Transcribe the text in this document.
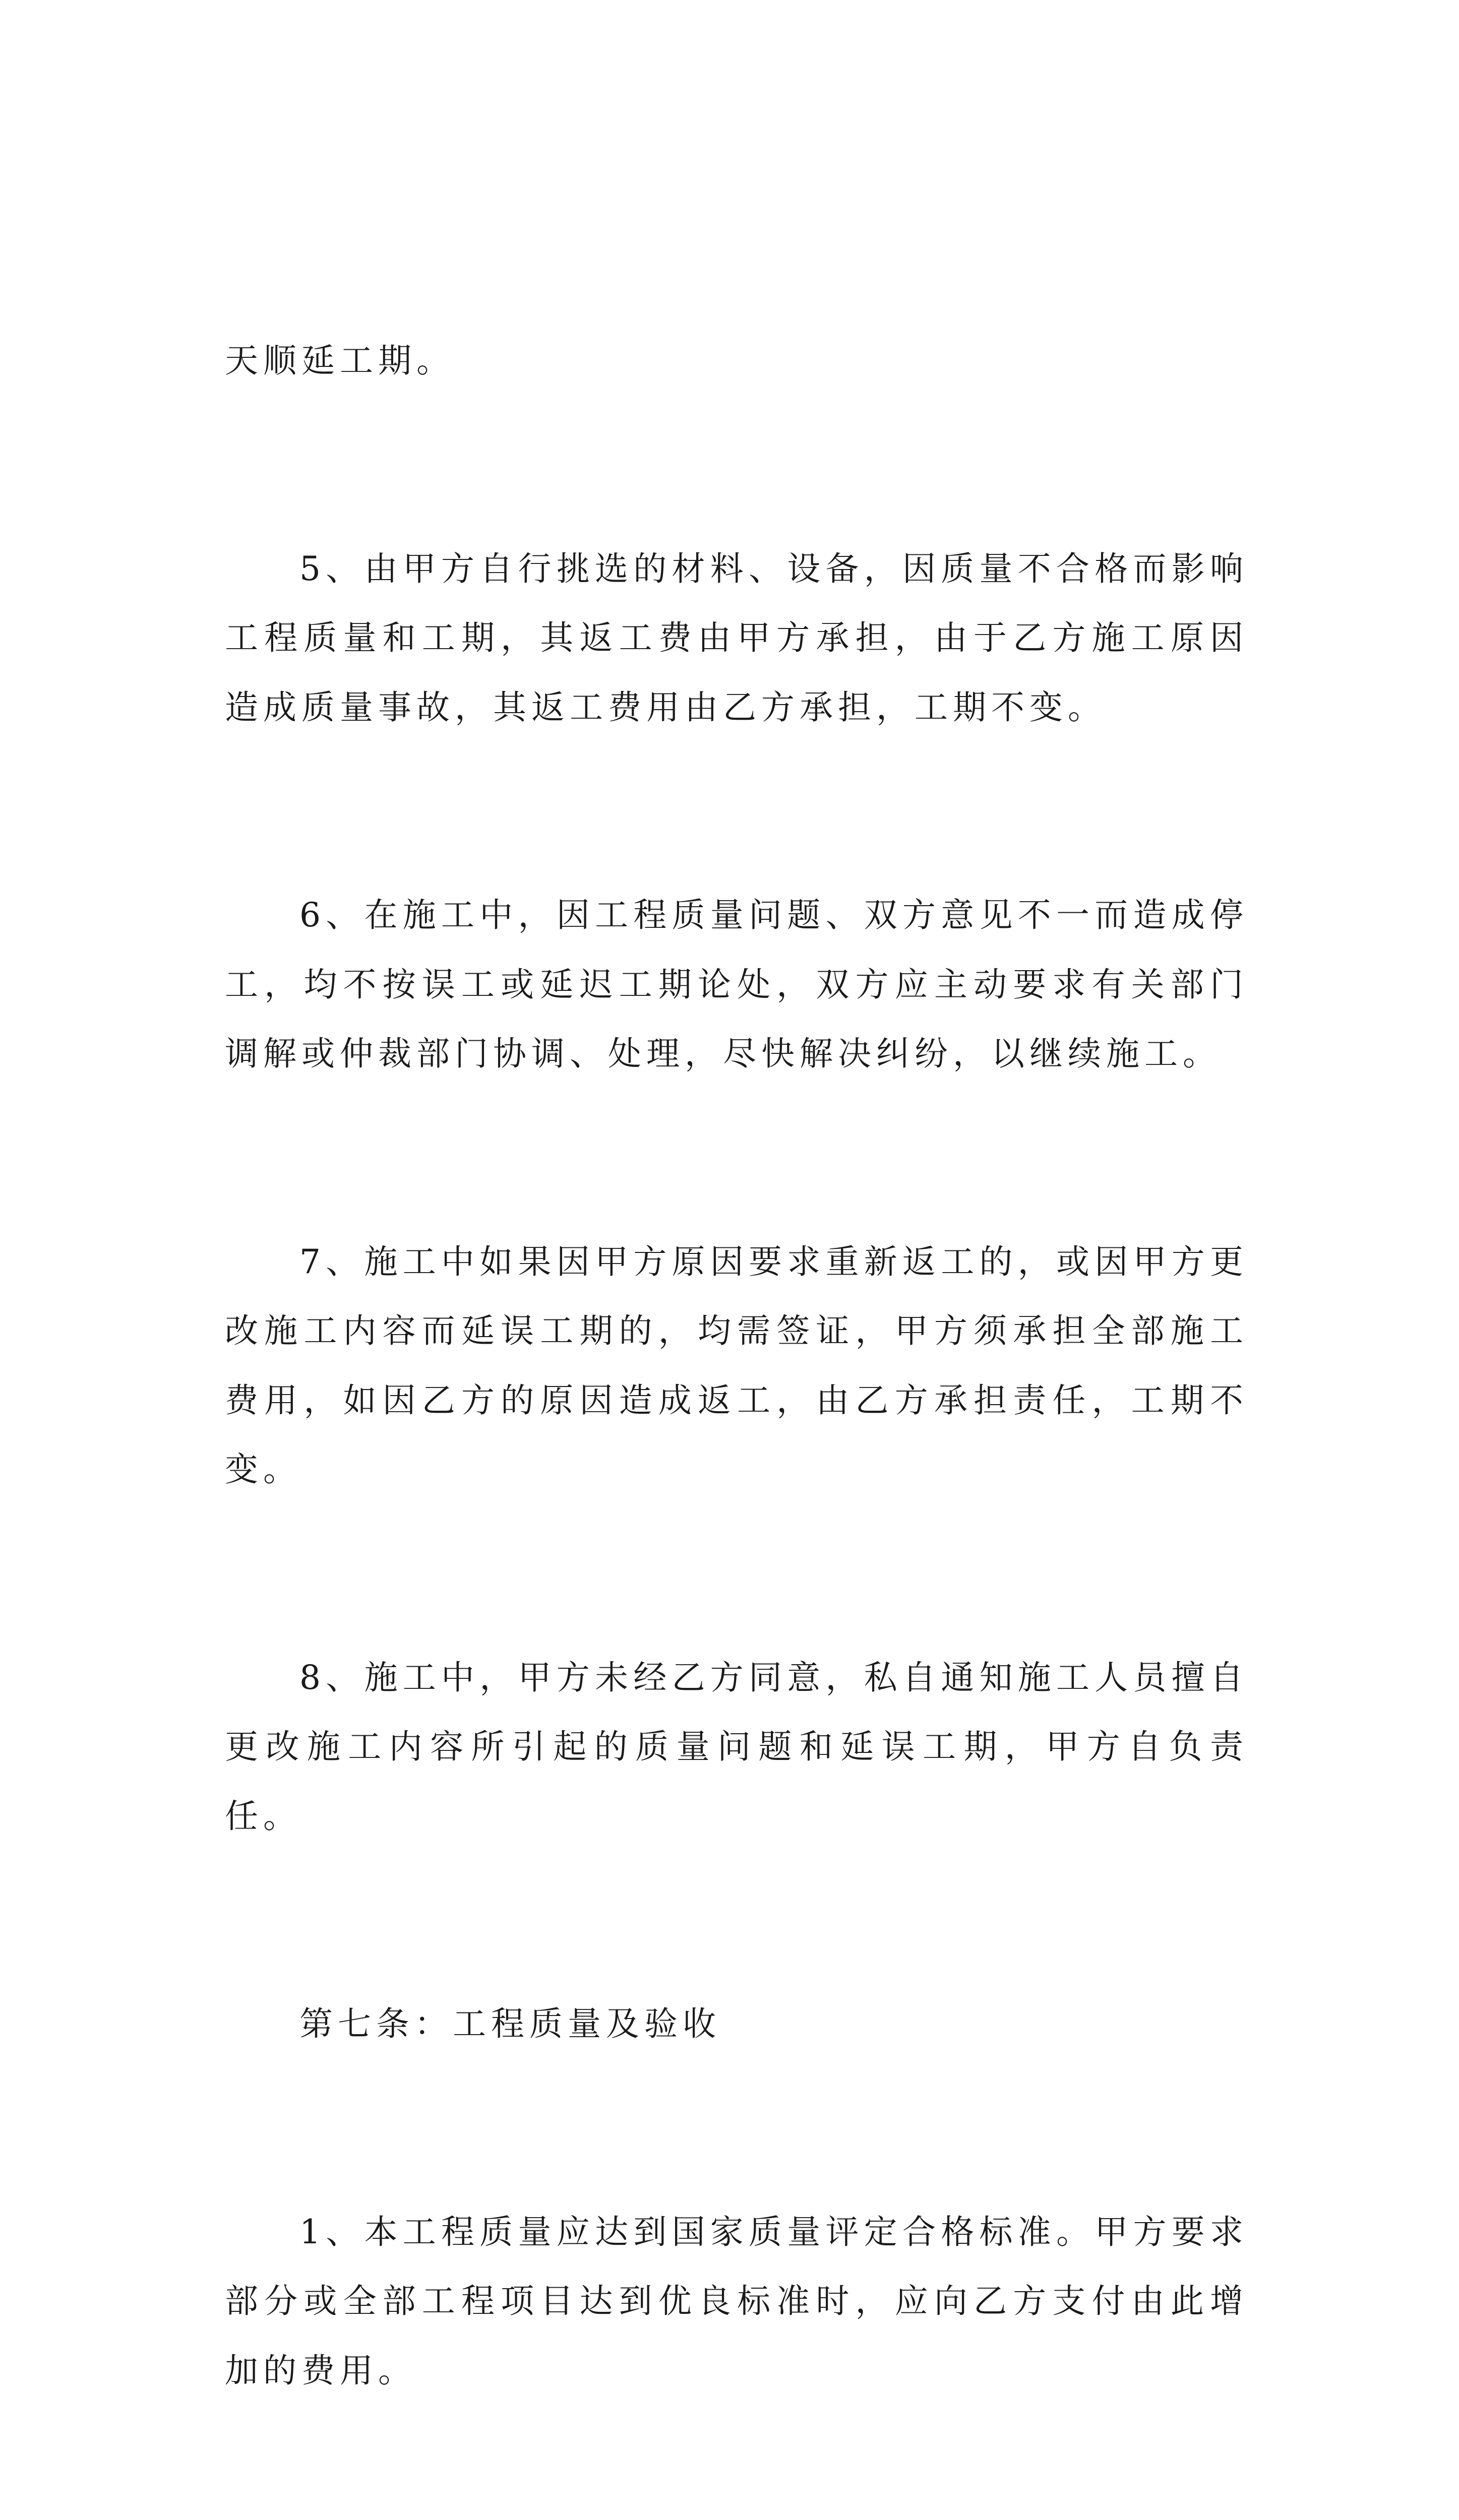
天顺延工期。

5、由甲方自行挑选的材料、设备，因质量不合格而影响工程质量和工期，其返工费由甲方承担，由于乙方施工原因造成质量事故，其返工费用由乙方承担，工期不变。

6、在施工中，因工程质量问题、双方意见不一而造成停工，均不按误工或延迟工期论处，双方应主动要求有关部门调解或仲裁部门协调、处理，尽快解决纠纷，以继续施工。

7、施工中如果因甲方原因要求重新返工的，或因甲方更改施工内容而延误工期的，均需签证，甲方须承担全部施工费用，如因乙方的原因造成返工，由乙方承担责任，工期不变。

8、施工中，甲方未经乙方同意，私自通知施工人员擅自更改施工内容所引起的质量问题和延误工期，甲方自负责任。

第七条：工程质量及验收

1、本工程质量应达到国家质量评定合格标准。甲方要求部分或全部工程项目达到优良标准时，应向乙方支付由此增加的费用。
